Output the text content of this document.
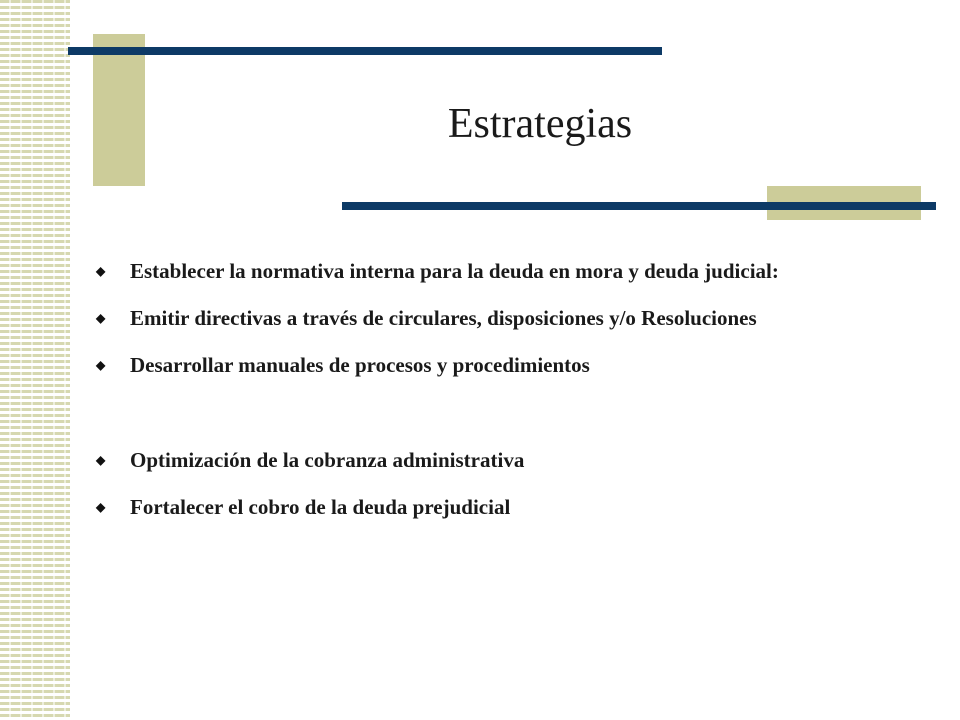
Estrategias
◆	Establecer la normativa interna para la deuda en mora y deuda judicial:
◆	Emitir directivas a través de circulares, disposiciones y/o Resoluciones
◆	Desarrollar manuales de procesos y procedimientos
◆	Optimización de la cobranza administrativa
◆	Fortalecer el cobro de la deuda prejudicial
